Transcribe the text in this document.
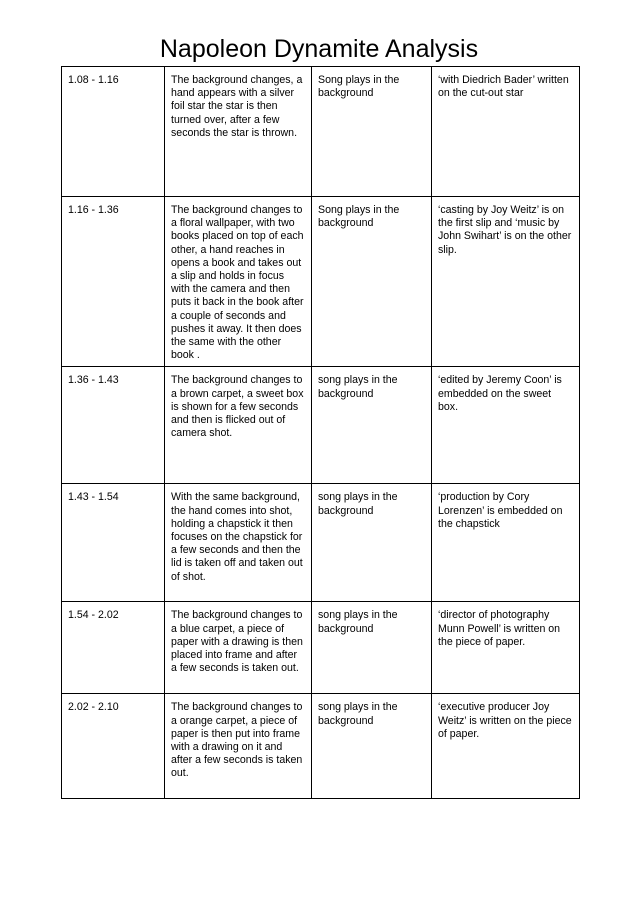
Napoleon Dynamite Analysis
1.08 - 1.16	The background changes, a hand appears with a silver foil star the star is then turned over, after a few seconds the star is thrown.	Song plays in the background	‘with Diedrich Bader’ written on the cut-out star
1.16 - 1.36	The background changes to a floral wallpaper, with two books placed on top of each other, a hand reaches in opens a book and takes out a slip and holds in focus with the camera and then puts it back in the book after a couple of seconds and pushes it away. It then does the same with the other book .	Song plays in the background	‘casting by Joy Weitz’ is on the first slip and ‘music by John Swihart’ is on the other slip.
1.36 - 1.43	The background changes to a brown carpet, a sweet box is shown for a few seconds and then is flicked out of camera shot.	song plays in the background	‘edited by Jeremy Coon’ is embedded on the sweet box.
1.43 - 1.54	With the same background, the hand comes into shot, holding a chapstick it then focuses on the chapstick for a few seconds and then the lid is taken off and taken out of shot.	song plays in the background	‘production by Cory Lorenzen’ is embedded on the chapstick
1.54 - 2.02	The background changes to a blue carpet, a piece of paper with a drawing is then placed into frame and after a few seconds is taken out.	song plays in the background	‘director of photography Munn Powell’ is written on the piece of paper.
2.02 - 2.10	The background changes to a orange carpet, a piece of paper is then put into frame with a drawing on it and after a few seconds is taken out.	song plays in the background	‘executive producer Joy Weitz’ is written on the piece of paper.
